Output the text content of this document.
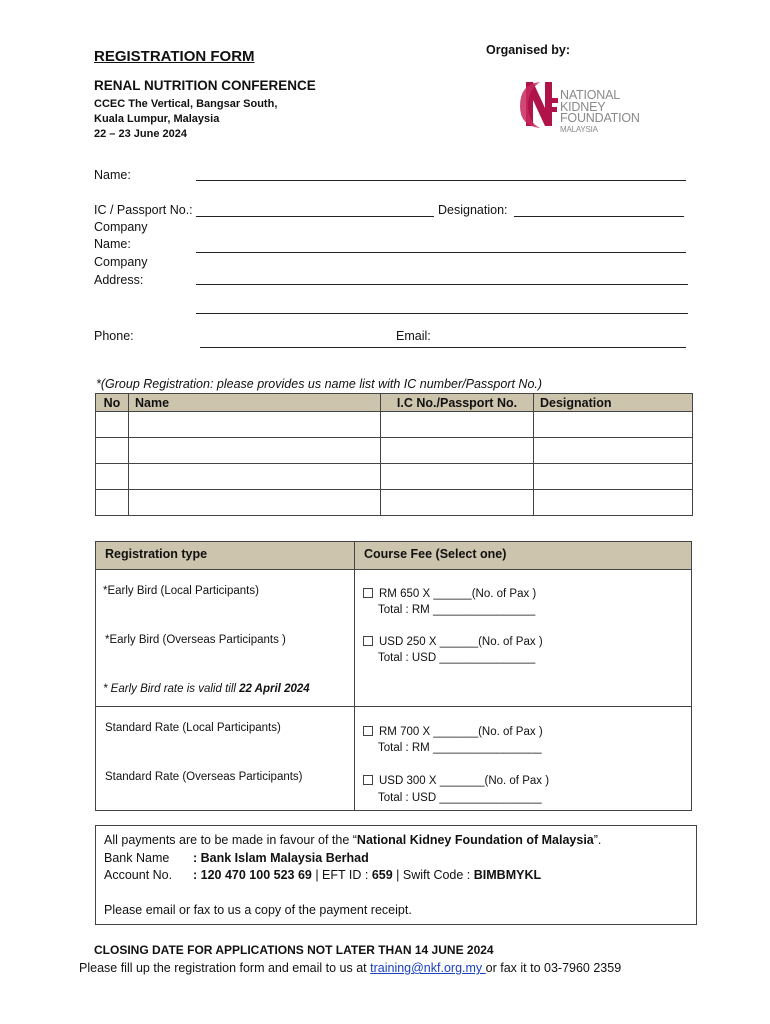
REGISTRATION FORM	Organised by:
RENAL NUTRITION CONFERENCE
CCEC The Vertical, Bangsar South,
Kuala Lumpur, Malaysia
22 – 23 June 2024
NATIONAL
KIDNEY
FOUNDATION
MALAYSIA
Name:
IC / Passport No.:	Designation:
Company
Name:
Company
Address:
Phone:	Email:
*(Group Registration: please provides us name list with IC number/Passport No.)
No	Name	I.C No./Passport No.	Designation

Registration type	Course Fee (Select one)
*Early Bird (Local Participants)	RM 650 X ______(No. of Pax )
Total : RM ________________
*Early Bird (Overseas Participants )	USD 250 X ______(No. of Pax )
Total : USD _______________
* Early Bird rate is valid till 22 April 2024
Standard Rate (Local Participants)	RM 700 X _______(No. of Pax )
Total : RM _________________
Standard Rate (Overseas Participants)	USD 300 X _______(No. of Pax )
Total : USD ________________
All payments are to be made in favour of the “National Kidney Foundation of Malaysia”.
Bank Name : Bank Islam Malaysia Berhad
Account No. : 120 470 100 523 69 | EFT ID : 659 | Swift Code : BIMBMYKL
Please email or fax to us a copy of the payment receipt.
CLOSING DATE FOR APPLICATIONS NOT LATER THAN 14 JUNE 2024
Please fill up the registration form and email to us at training@nkf.org.my or fax it to 03-7960 2359
